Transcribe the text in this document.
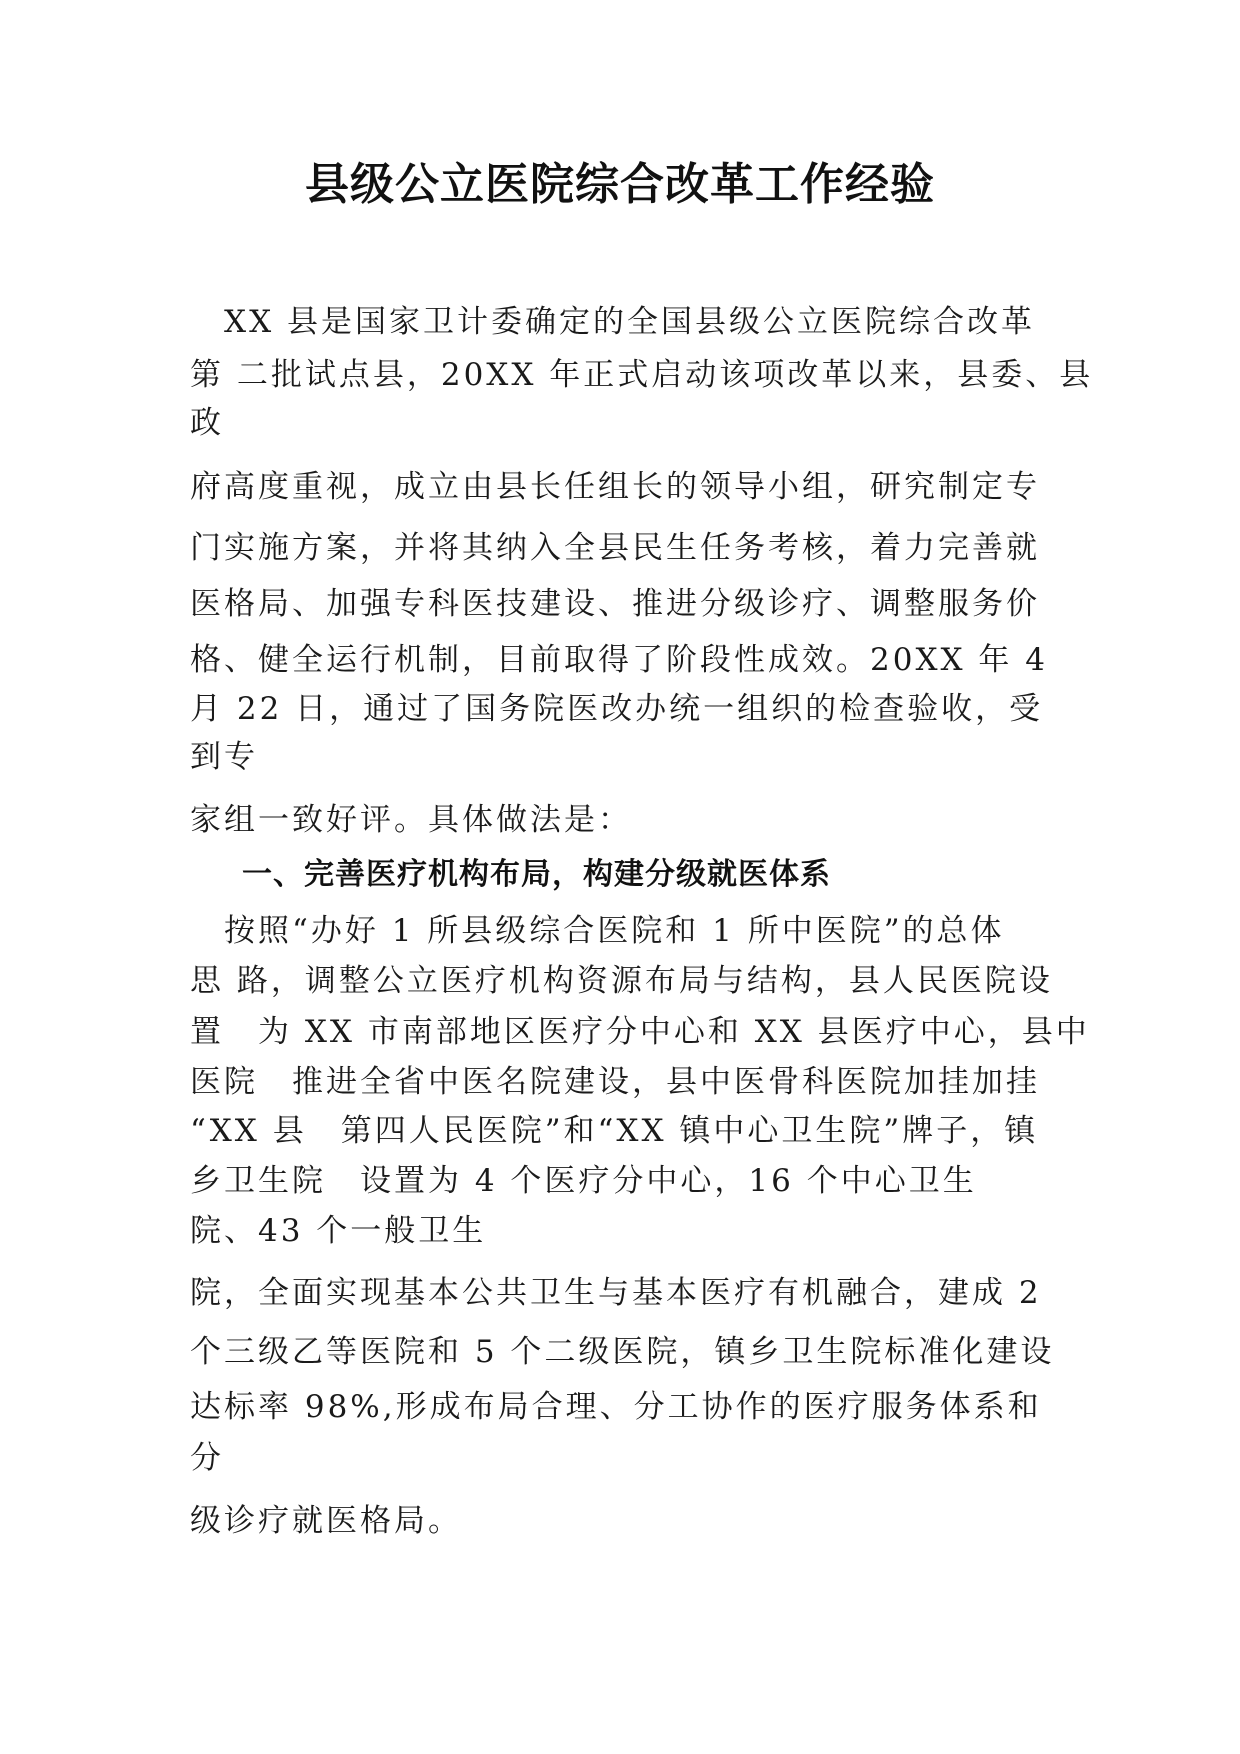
县级公立医院综合改革工作经验

　XX 县是国家卫计委确定的全国县级公立医院综合改革

第 二批试点县，20XX 年正式启动该项改革以来，县委、县

政

府高度重视，成立由县长任组长的领导小组，研究制定专

门实施方案，并将其纳入全县民生任务考核，着力完善就

医格局、加强专科医技建设、推进分级诊疗、调整服务价

格、健全运行机制，目前取得了阶段性成效。20XX 年 4

月 22 日，通过了国务院医改办统一组织的检查验收，受

到专

家组一致好评。具体做法是：

一、完善医疗机构布局，构建分级就医体系

　按照“办好 1 所县级综合医院和 1 所中医院”的总体

思 路，调整公立医疗机构资源布局与结构，县人民医院设

置　为 XX 市南部地区医疗分中心和 XX 县医疗中心，县中

医院　推进全省中医名院建设，县中医骨科医院加挂加挂

“XX 县　第四人民医院”和“XX 镇中心卫生院”牌子，镇

乡卫生院　设置为 4 个医疗分中心，16 个中心卫生

院、43 个一般卫生

院，全面实现基本公共卫生与基本医疗有机融合，建成 2

个三级乙等医院和 5 个二级医院，镇乡卫生院标准化建设

达标率 98%,形成布局合理、分工协作的医疗服务体系和

分

级诊疗就医格局。
